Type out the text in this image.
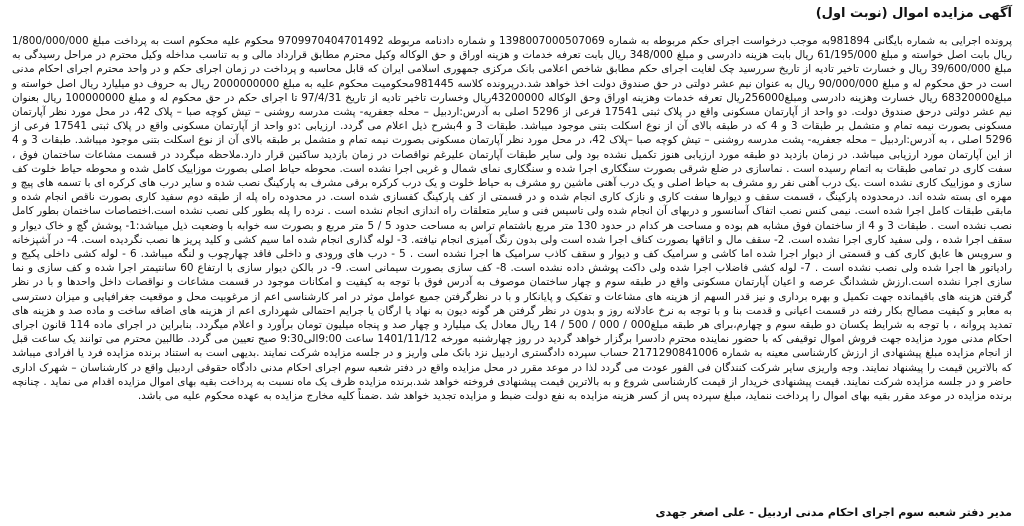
آگهی مزایده اموال (نوبت اول)

پرونده اجرایی به شماره بایگانی 981894به موجب درخواست اجرای حکم مربوطه به شماره 1398007000507069 و شماره دادنامه مربوطه 9709970404701492 محکوم علیه محکوم است به پرداخت مبلغ 1/800/000/000 ریال بابت اصل خواسته و مبلغ 61/195/000 ریال بابت هزینه دادرسی و مبلغ 348/000 ریال بابت تعرفه خدمات و هزینه اوراق و حق الوکاله وکیل محترم مطابق قرارداد مالی و به تناسب مداخله وکیل محترم در مراحل رسیدگی به مبلغ 39/600/000 ریال و خسارت تاخیر تادیه از تاریخ سررسید چک لغایت اجرای حکم مطابق شاخص اعلامی بانک مرکزی جمهوری اسلامی ایران که قابل محاسبه و پرداخت در زمان اجرای حکم و در واحد محترم اجرای احکام مدنی است در حق محکوم له و مبلغ 90/000/000 ریال به عنوان نیم عشر دولتی در حق صندوق دولت اخذ خواهد شد.درپرونده کلاسه 981445محکومیت محکوم علیه به مبلغ 2000000000 ریال به حروف دو میلیارد ریال اصل خواسته و مبلغ68320000 ریال خسارت وهزینه دادرسی ومبلغ256000ریال تعرفه خدمات وهزینه اوراق وحق الوکاله 43200000ریال وخسارت تاخیر تادیه از تاریخ 97/4/31 تا اجرای حکم در حق محکوم له و مبلغ 100000000 ریال بعنوان نیم عشر دولتی درحق صندوق دولت. دو واحد از آپارتمان مسکونی واقع در پلاک ثبتی 17541 فرعی از 5296 اصلی به آدرس:اردبیل – محله جعفریه- پشت مدرسه روشنی – تیش کوچه صبا – پلاک 42، در محل مورد نظر آپارتمان مسکونی بصورت نیمه تمام و متشمل بر طبقات 3 و 4 که در طبقه بالای آن از نوع اسکلت بتنی موجود میباشد. طبقات 3 و 4بشرح ذیل اعلام می گردد. ارزیابی :دو واحد از آپارتمان مسکونی واقع در پلاک ثبتی 17541 فرعی از 5296 اصلی ، به آدرس:اردبیل – محله جعفریه- پشت مدرسه روشنی – تیش کوچه صبا –پلاک 42، در محل مورد نظر آپارتمان مسکونی بصورت نیمه تمام و متشمل بر طبقه بالای آن از نوع اسکلت بتنی موجود میباشد. طبقات 3 و 4 از این آپارتمان مورد ارزیابی میباشد. در زمان بازدید دو طبقه مورد ارزیابی هنوز تکمیل نشده بود ولی سایر طبقات آپارتمان علیرغم نواقصات در زمان بازدید ساکنین قرار دارد.ملاحظه میگردد در قسمت مشاعات ساختمان فوق ، سفت کاری در تمامی طبقات به اتمام رسیده است . نماسازی در ضلع شرقی بصورت سنگکاری اجرا شده و سنگکاری نمای شمال و غربی اجرا نشده است. محوطه حیاط اصلی بصورت موزاییک کامل شده و محوطه حیاط خلوت کف سازی و موزاییک کاری نشده است .یک درب آهنی نفر رو مشرف به حیاط اصلی و یک درب آهنی ماشین رو مشرف به حیاط خلوت و یک درب کرکره برقی مشرف به پارکینگ نصب شده و سایر درب های کرکره ای با تسمه های پیچ و مهره ای بسته شده اند. درمحدوده پارکینگ ، قسمت سقف و دیوارها سفت کاری و نازک کاری انجام شده و در قسمتی از کف پارکینگ کفسازی شده است. در محدوده راه پله از طبقه دوم سفید کاری بصورت ناقص انجام شده و مابقی طبقات کامل اجرا شده است. نیمی کنس نصب اتفاک آسانسور و دربهای آن انجام شده ولی تاسیس فنی و سایر متعلقات راه اندازی انجام نشده است . نرده را پله بطور کلی نصب نشده است.اختصاصات ساختمان بطور کامل نصب نشده است . طبقات 3 و 4 از ساختمان فوق مشابه هم بوده و مساحت هر کدام در حدود 130 متر مربع باشتمام تراس به مساحت حدود 5 / 5 متر مربع و بصورت سه خوابه با وضعیت ذیل میباشد:1- پوشش گچ و خاک دیوار و سقف اجرا شده ، ولی سفید کاری اجرا نشده است. 2- سقف مال و اتاقها بصورت کناف اجرا شده است ولی بدون رنگ آمیزی انجام نیافته. 3- لوله گذاری انجام شده اما سیم کشی و کلید پریز ها نصب نگردیده است. 4- در آشپزخانه و سرویس ها عایق کاری کف و قسمتی از دیوار اجرا شده اما کاشی و سرامیک کف و دیوار و سقف کاذب سرامیک ها اجرا نشده است . 5 - درب های ورودی و داخلی فاقد چهارچوب و لنگه میباشد. 6 - لوله کشی داخلی پکیج و رادیاتور ها اجرا شده ولی نصب نشده است . 7- لوله کشی فاضلاب اجرا شده ولی داکت پوشش داده نشده است. 8- کف سازی بصورت سیمانی است. 9- در بالکن دیوار سازی با ارتفاع 60 سانتیمتر اجرا شده و کف سازی و نما سازی اجرا نشده است.ارزش ششدانگ عرصه و اعیان آپارتمان مسکونی واقع در طبقه سوم و چهار ساختمان موصوف به آدرس فوق با توجه به کیفیت و امکانات موجود در قسمت مشاعات و نواقصات داخل واحدها و با در نظر گرفتن هزینه های باقیمانده جهت تکمیل و بهره برداری و نیز قدر السهم از هزینه های مشاعات و تفکیک و پایانکار و با در نظرگرفتن جمیع عوامل موثر در امر کارشناسی اعم از مرغوبیت محل و موقعیت جغرافیایی و میزان دسترسی به معابر و کیفیت مصالح بکار رفته در قسمت اعیانی و قدمت بنا و با توجه به نرخ عادلانه روز و بدون در نظر گرفتن هر گونه دیون به نهاد یا ارگان یا جرایم احتمالی شهرداری اعم از هزینه های اضافه ساخت و ماده صد و هزینه های تمدید پروانه ، با توجه به شرایط یکسان دو طبقه سوم و چهارم،برای هر طبقه مبلغ000 / 000 / 500 / 14 ریال معادل یک میلیارد و چهار صد و پنجاه میلیون تومان برآورد و اعلام میگردد. بنابراین در اجرای ماده 114 قانون اجرای احکام مدنی مورد مزایده جهت فروش اموال توقیفی که با حضور نماینده محترم دادسرا برگزار خواهد گردید در روز چهارشنبه مورخه 1401/11/12 ساعت 9:00الی9:30 صبح تعیین می گردد. طالبین محترم می توانند یک ساعت قبل از انجام مزایده مبلغ پیشنهادی از ارزش کارشناسی معینه به شماره 2171290841006 حساب سپرده دادگستری اردبیل نزد بانک ملی واریز و در جلسه مزایده شرکت نمایند .بدیهی است به استناد برنده مزایده فرد یا افرادی میباشد که بالاترین قیمت را پیشنهاد نمایند. وجه واریزی سایر شرکت کنندگان فی الفور عودت می گردد لذا در موعد مقرر در محل مزایده واقع در دفتر شعبه سوم اجرای احکام مدنی دادگاه حقوقی اردبیل واقع در کارشناسان – شهرک اداری حاضر و در جلسه مزایده شرکت نمایند. قیمت پیشنهادی خریدار از قیمت کارشناسی شروع و به بالاترین قیمت پیشنهادی فروخته خواهد شد.برنده مزایده ظرف یک ماه نسبت به پرداخت بقیه بهای اموال مزایده اقدام می نماید . چنانچه برنده مزایده در موعد مقرر بقیه بهای اموال را پرداخت ننماید، مبلغ سپرده پس از کسر هزینه مزایده به نفع دولت ضبط و مزایده تجدید خواهد شد .ضمناً کلیه مخارج مزایده به عهده محکوم علیه می باشد.

مدیر دفتر شعبه سوم اجرای احکام مدنی اردبیل - علی اصغر جهدی
